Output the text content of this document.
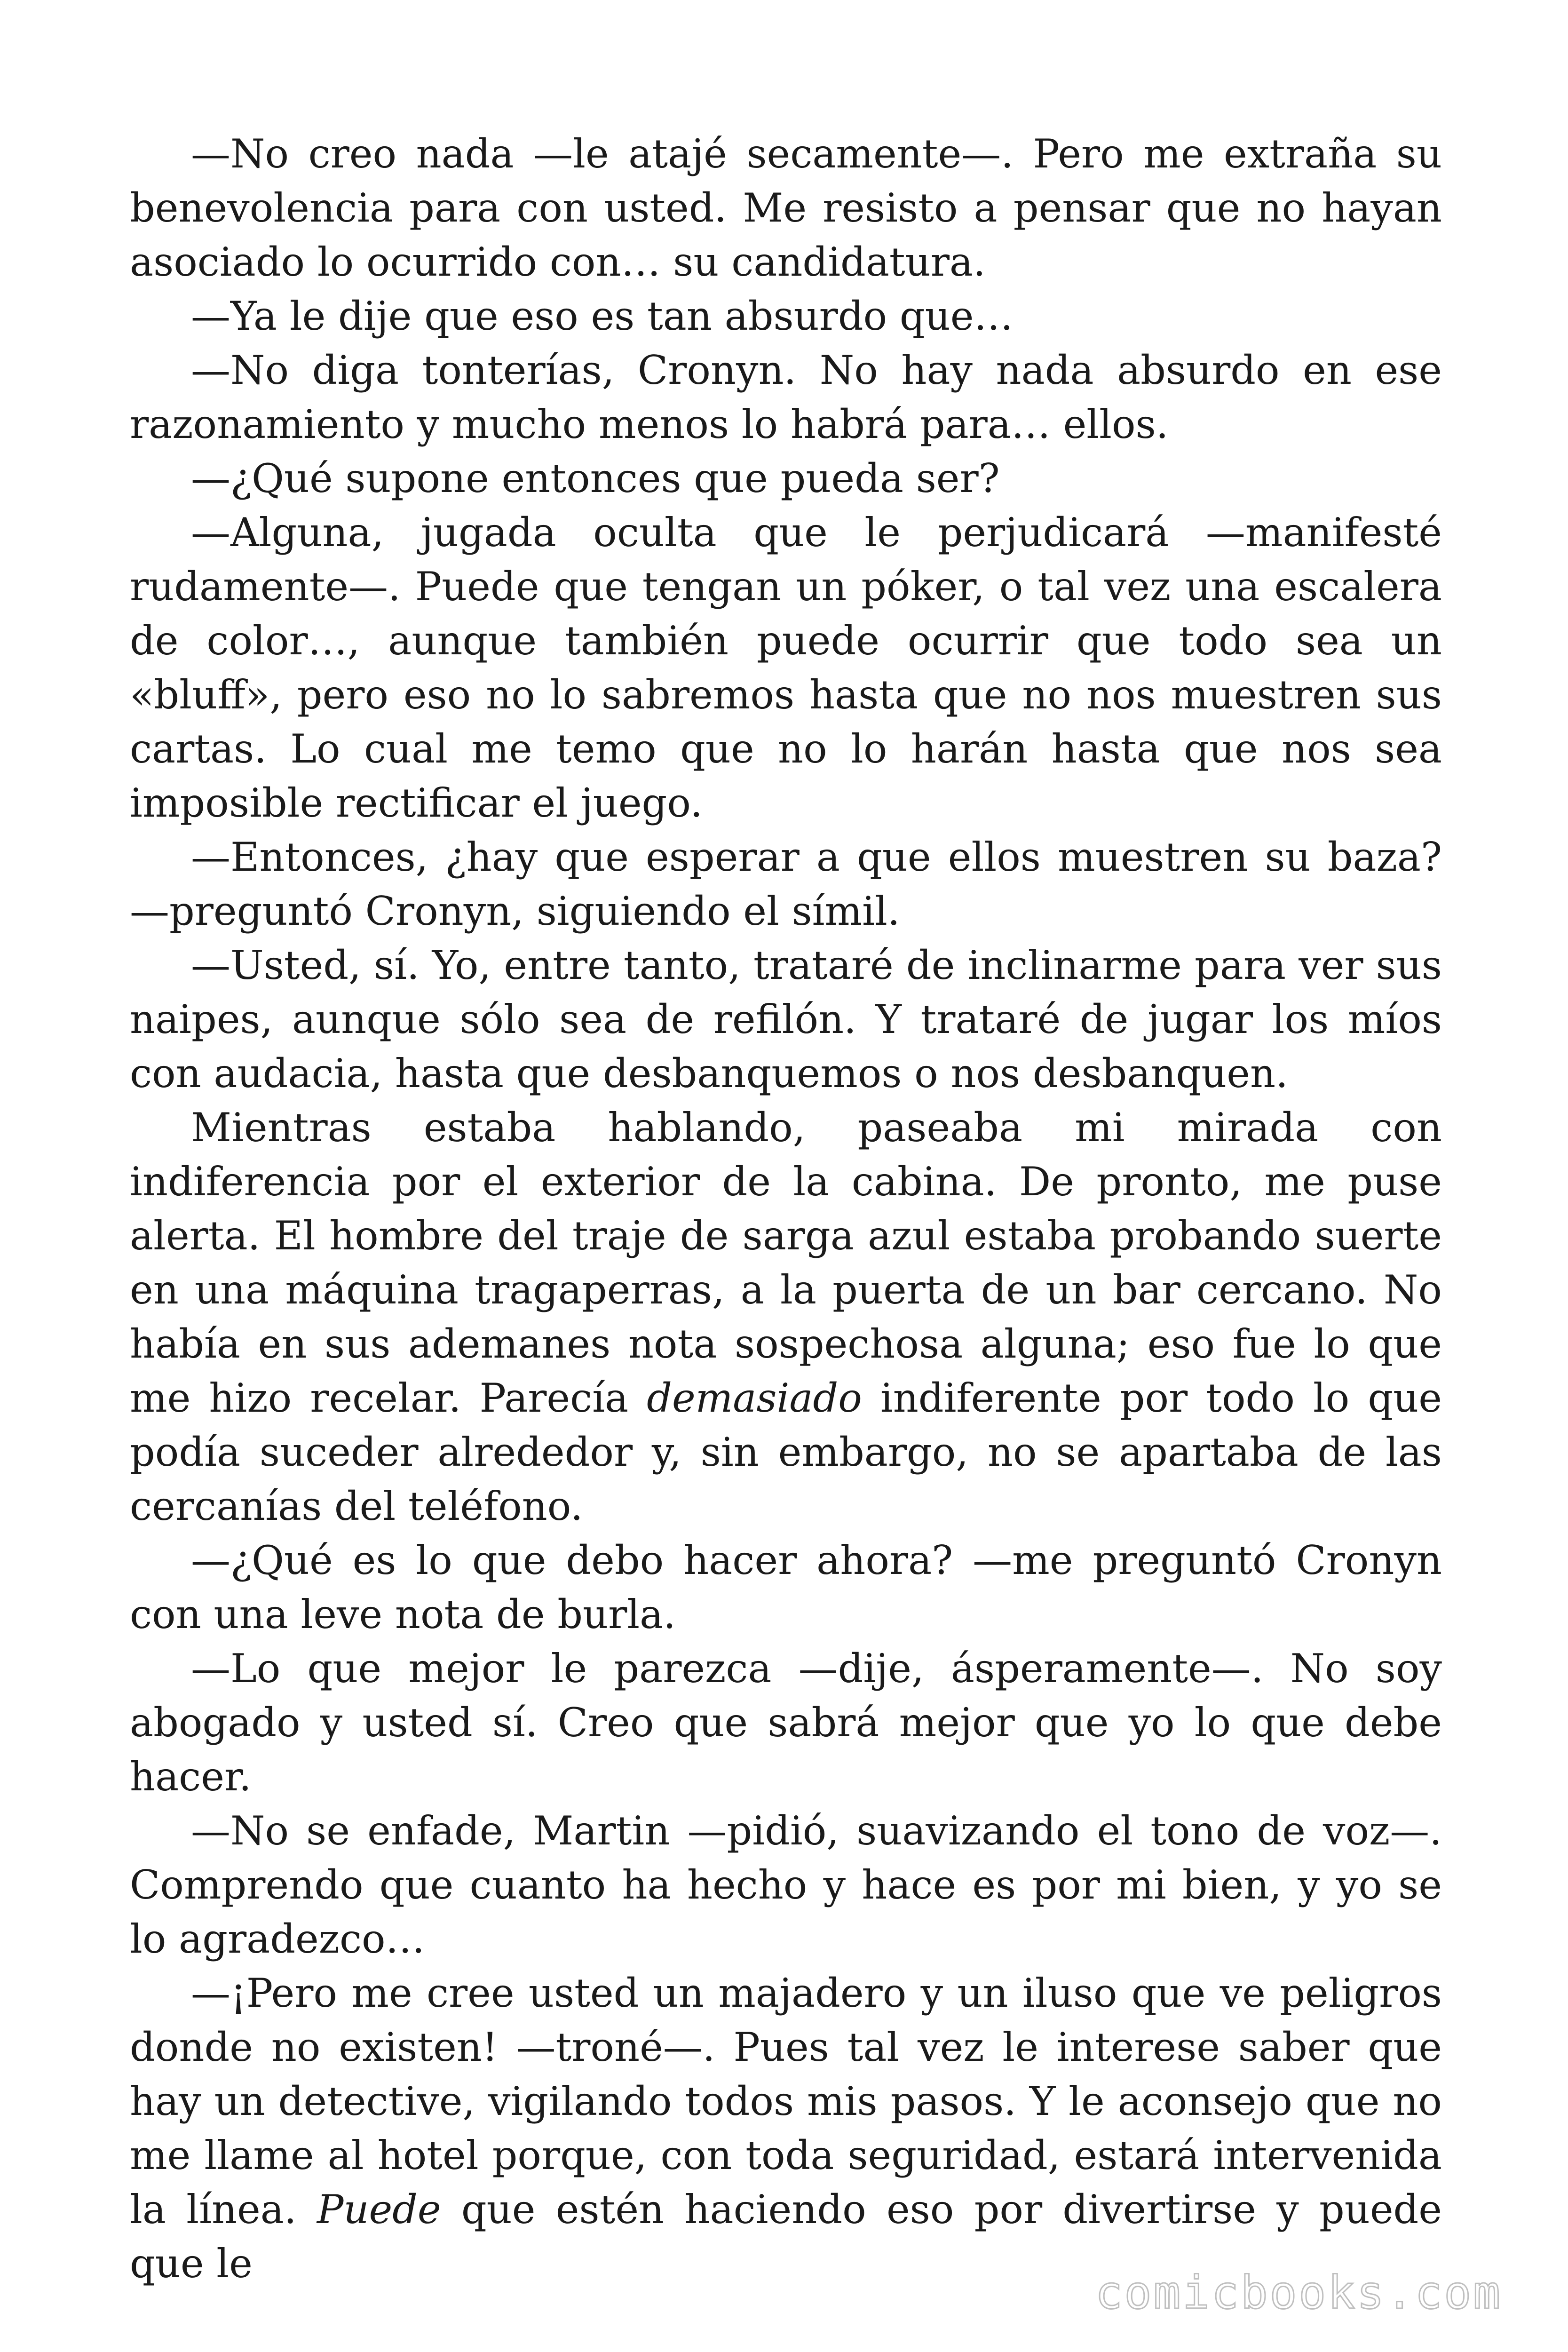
—No creo nada —le atajé secamente—. Pero me extraña su benevolencia para con usted. Me resisto a pensar que no hayan asociado lo ocurrido con… su candidatura.

—Ya le dije que eso es tan absurdo que…

—No diga tonterías, Cronyn. No hay nada absurdo en ese razonamiento y mucho menos lo habrá para… ellos.

—¿Qué supone entonces que pueda ser?

—Alguna, jugada oculta que le perjudicará —manifesté rudamente—. Puede que tengan un póker, o tal vez una escalera de color…, aunque también puede ocurrir que todo sea un «bluff», pero eso no lo sabremos hasta que no nos muestren sus cartas. Lo cual me temo que no lo harán hasta que nos sea imposible rectificar el juego.

—Entonces, ¿hay que esperar a que ellos muestren su baza? —preguntó Cronyn, siguiendo el símil.

—Usted, sí. Yo, entre tanto, trataré de inclinarme para ver sus naipes, aunque sólo sea de refilón. Y trataré de jugar los míos con audacia, hasta que desbanquemos o nos desbanquen.

Mientras estaba hablando, paseaba mi mirada con indiferencia por el exterior de la cabina. De pronto, me puse alerta. El hombre del traje de sarga azul estaba probando suerte en una máquina tragaperras, a la puerta de un bar cercano. No había en sus ademanes nota sospechosa alguna; eso fue lo que me hizo recelar. Parecía demasiado indiferente por todo lo que podía suceder alrededor y, sin embargo, no se apartaba de las cercanías del teléfono.

—¿Qué es lo que debo hacer ahora? —me preguntó Cronyn con una leve nota de burla.

—Lo que mejor le parezca —dije, ásperamente—. No soy abogado y usted sí. Creo que sabrá mejor que yo lo que debe hacer.

—No se enfade, Martin —pidió, suavizando el tono de voz—. Comprendo que cuanto ha hecho y hace es por mi bien, y yo se lo agradezco…

—¡Pero me cree usted un majadero y un iluso que ve peligros donde no existen! —troné—. Pues tal vez le interese saber que hay un detective, vigilando todos mis pasos. Y le aconsejo que no me llame al hotel porque, con toda seguridad, estará intervenida la línea. Puede que estén haciendo eso por divertirse y puede que le

comicbooks.com
